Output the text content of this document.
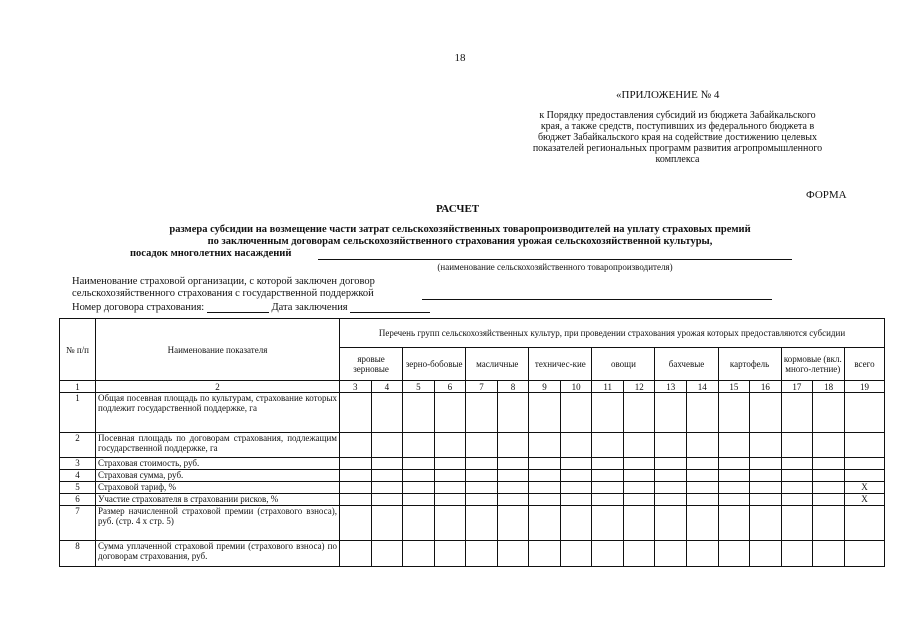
18
«ПРИЛОЖЕНИЕ № 4
к Порядку предоставления субсидий из бюджета Забайкальского
края, а также средств, поступивших из федерального бюджета в
бюджет Забайкальского края на содействие достижению целевых
показателей региональных программ развития агропромышленного
комплекса
ФОРМА
РАСЧЕТ
размера субсидии на возмещение части затрат сельскохозяйственных товаропроизводителей на уплату страховых премий
по заключенным договорам сельскохозяйственного страхования урожая сельскохозяйственной культуры,
посадок многолетних насаждений
(наименование сельскохозяйственного товаропроизводителя)
Наименование страховой организации, с которой заключен договор
сельскохозяйственного страхования с государственной поддержкой
Номер договора страхования:	Дата заключения
№ п/п	Наименование показателя	Перечень групп сельскохозяйственных культур, при проведении страхования урожая которых предоставляются субсидии																
		яровые зерновые		зерно-бобовые		масличные		техничес-кие		овощи		бахчевые		картофель		кормовые (вкл. много-летние)		всего
1	2	3	4	5	6	7	8	9	10	11	12	13	14	15	16	17	18	19
1	Общая посевная площадь по культурам, страхование которых подлежит государственной поддержке, га																	
2	Посевная площадь по договорам страхования, подлежащим государственной поддержке, га																	
3	Страховая стоимость, руб.																	
4	Страховая сумма, руб.																	
5	Страховой тариф, %																	X
6	Участие страхователя в страховании рисков, %																	X
7	Размер начисленной страховой премии (страхового взноса), руб. (стр. 4 х стр. 5)																	
8	Сумма уплаченной страховой премии (страхового взноса) по договорам страхования, руб.																	
